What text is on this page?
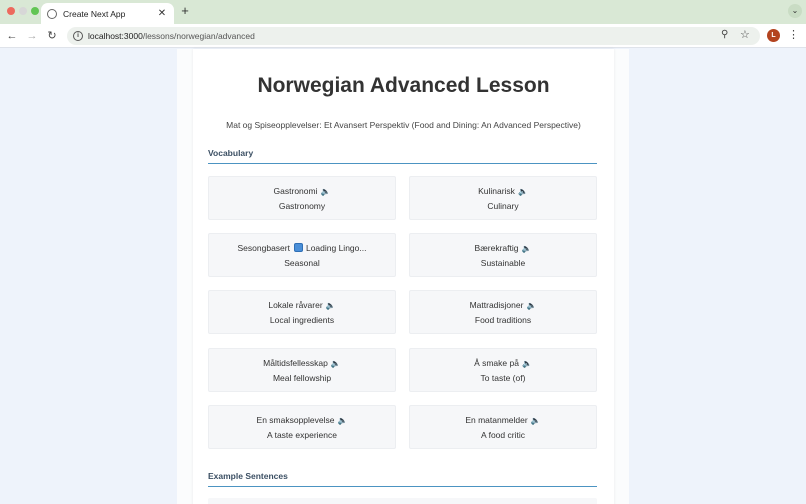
Create Next App	✕ +	⌄
← → ↻	i	localhost:3000/lessons/norwegian/advanced	⚲ ☆	L	⋮
Norwegian Advanced Lesson

Mat og Spiseopplevelser: Et Avansert Perspektiv (Food and Dining: An Advanced Perspective)

Vocabulary
Gastronomi 🔈
Gastronomy
Kulinarisk 🔈
Culinary
Sesongbasert Loading Lingo...
Seasonal
Bærekraftig 🔈
Sustainable
Lokale råvarer 🔈
Local ingredients
Mattradisjoner 🔈
Food traditions
Måltidsfellesskap 🔈
Meal fellowship
Å smake på 🔈
To taste (of)
En smaksopplevelse 🔈
A taste experience
En matanmelder 🔈
A food critic
Example Sentences
